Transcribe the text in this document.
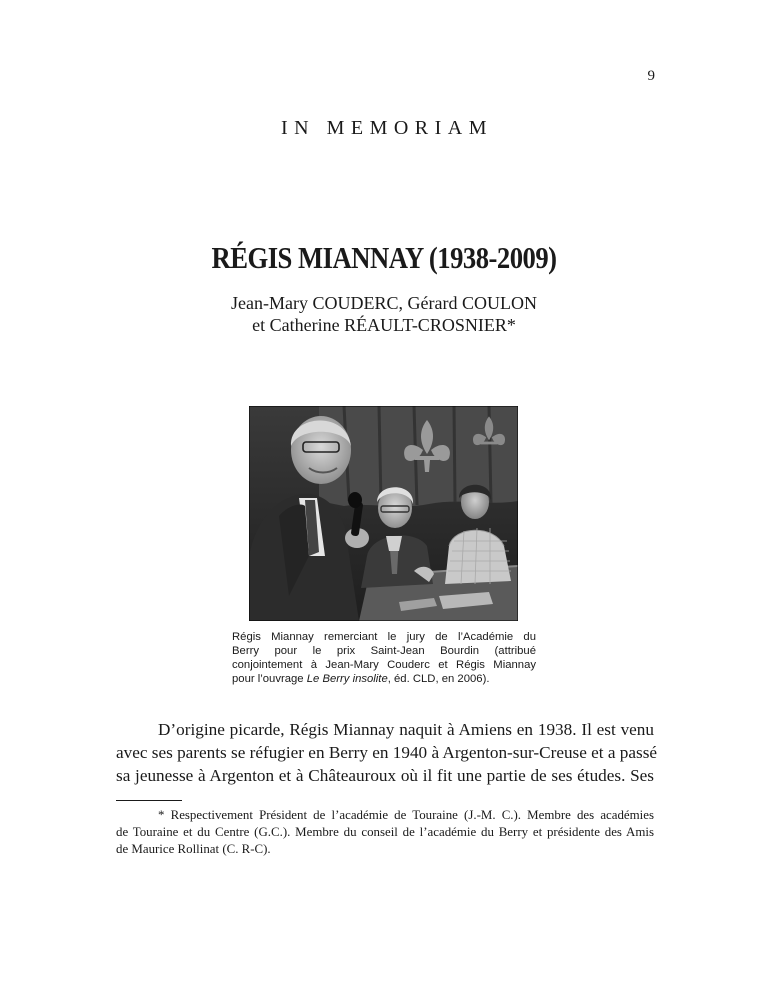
9
IN MEMORIAM
RÉGIS MIANNAY (1938-2009)
Jean-Mary COUDERC, Gérard COULON
et Catherine RÉAULT-CROSNIER*
Régis Miannay remerciant le jury de l’Académie du
Berry pour le prix Saint-Jean Bourdin (attribué
conjointement à Jean-Mary Couderc et Régis Miannay
pour l’ouvrage Le Berry insolite, éd. CLD, en 2006).
D’origine picarde, Régis Miannay naquit à Amiens en 1938. Il est venu
avec ses parents se réfugier en Berry en 1940 à Argenton-sur-Creuse et a passé
sa jeunesse à Argenton et à Châteauroux où il fit une partie de ses études. Ses
* Respectivement Président de l’académie de Touraine (J.-M. C.). Membre des académies
de Touraine et du Centre (G.C.). Membre du conseil de l’académie du Berry et présidente des Amis
de Maurice Rollinat (C. R-C).
